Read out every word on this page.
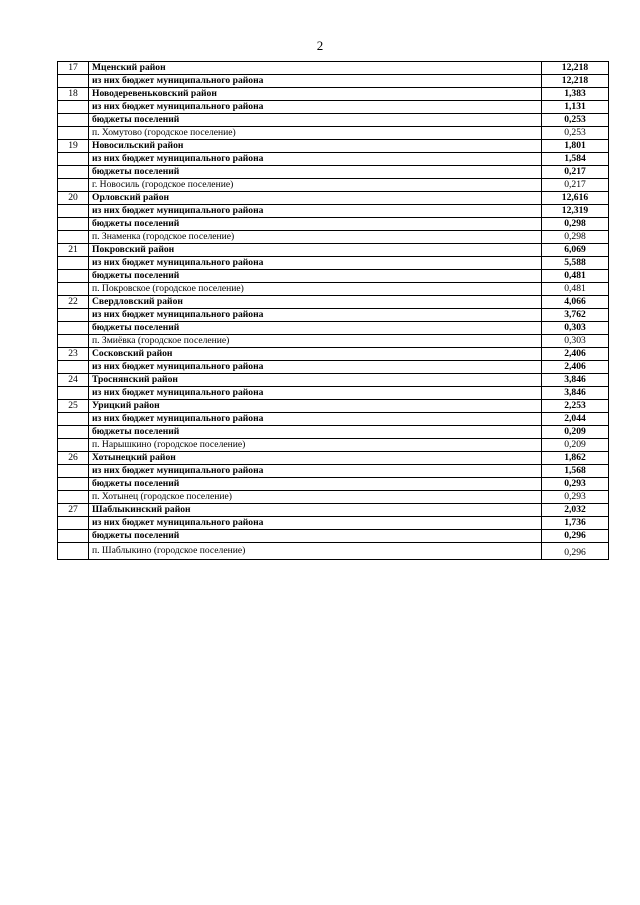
2
17	Мценский район	12,218
	из них бюджет муниципального района	12,218
18	Новодеревеньковский район	1,383
	из них бюджет муниципального района	1,131
	бюджеты поселений	0,253
	п. Хомутово (городское поселение)	0,253
19	Новосильский район	1,801
	из них бюджет муниципального района	1,584
	бюджеты поселений	0,217
	г. Новосиль (городское поселение)	0,217
20	Орловский район	12,616
	из них бюджет муниципального района	12,319
	бюджеты поселений	0,298
	п. Знаменка (городское поселение)	0,298
21	Покровский район	6,069
	из них бюджет муниципального района	5,588
	бюджеты поселений	0,481
	п. Покровское (городское поселение)	0,481
22	Свердловский район	4,066
	из них бюджет муниципального района	3,762
	бюджеты поселений	0,303
	п. Змиёвка (городское поселение)	0,303
23	Сосковский район	2,406
	из них бюджет муниципального района	2,406
24	Троснянский район	3,846
	из них бюджет муниципального района	3,846
25	Урицкий район	2,253
	из них бюджет муниципального района	2,044
	бюджеты поселений	0,209
	п. Нарышкино (городское поселение)	0,209
26	Хотынецкий район	1,862
	из них бюджет муниципального района	1,568
	бюджеты поселений	0,293
	п. Хотынец (городское поселение)	0,293
27	Шаблыкинский район	2,032
	из них бюджет муниципального района	1,736
	бюджеты поселений	0,296
	п. Шаблыкино (городское поселение)	0,296
